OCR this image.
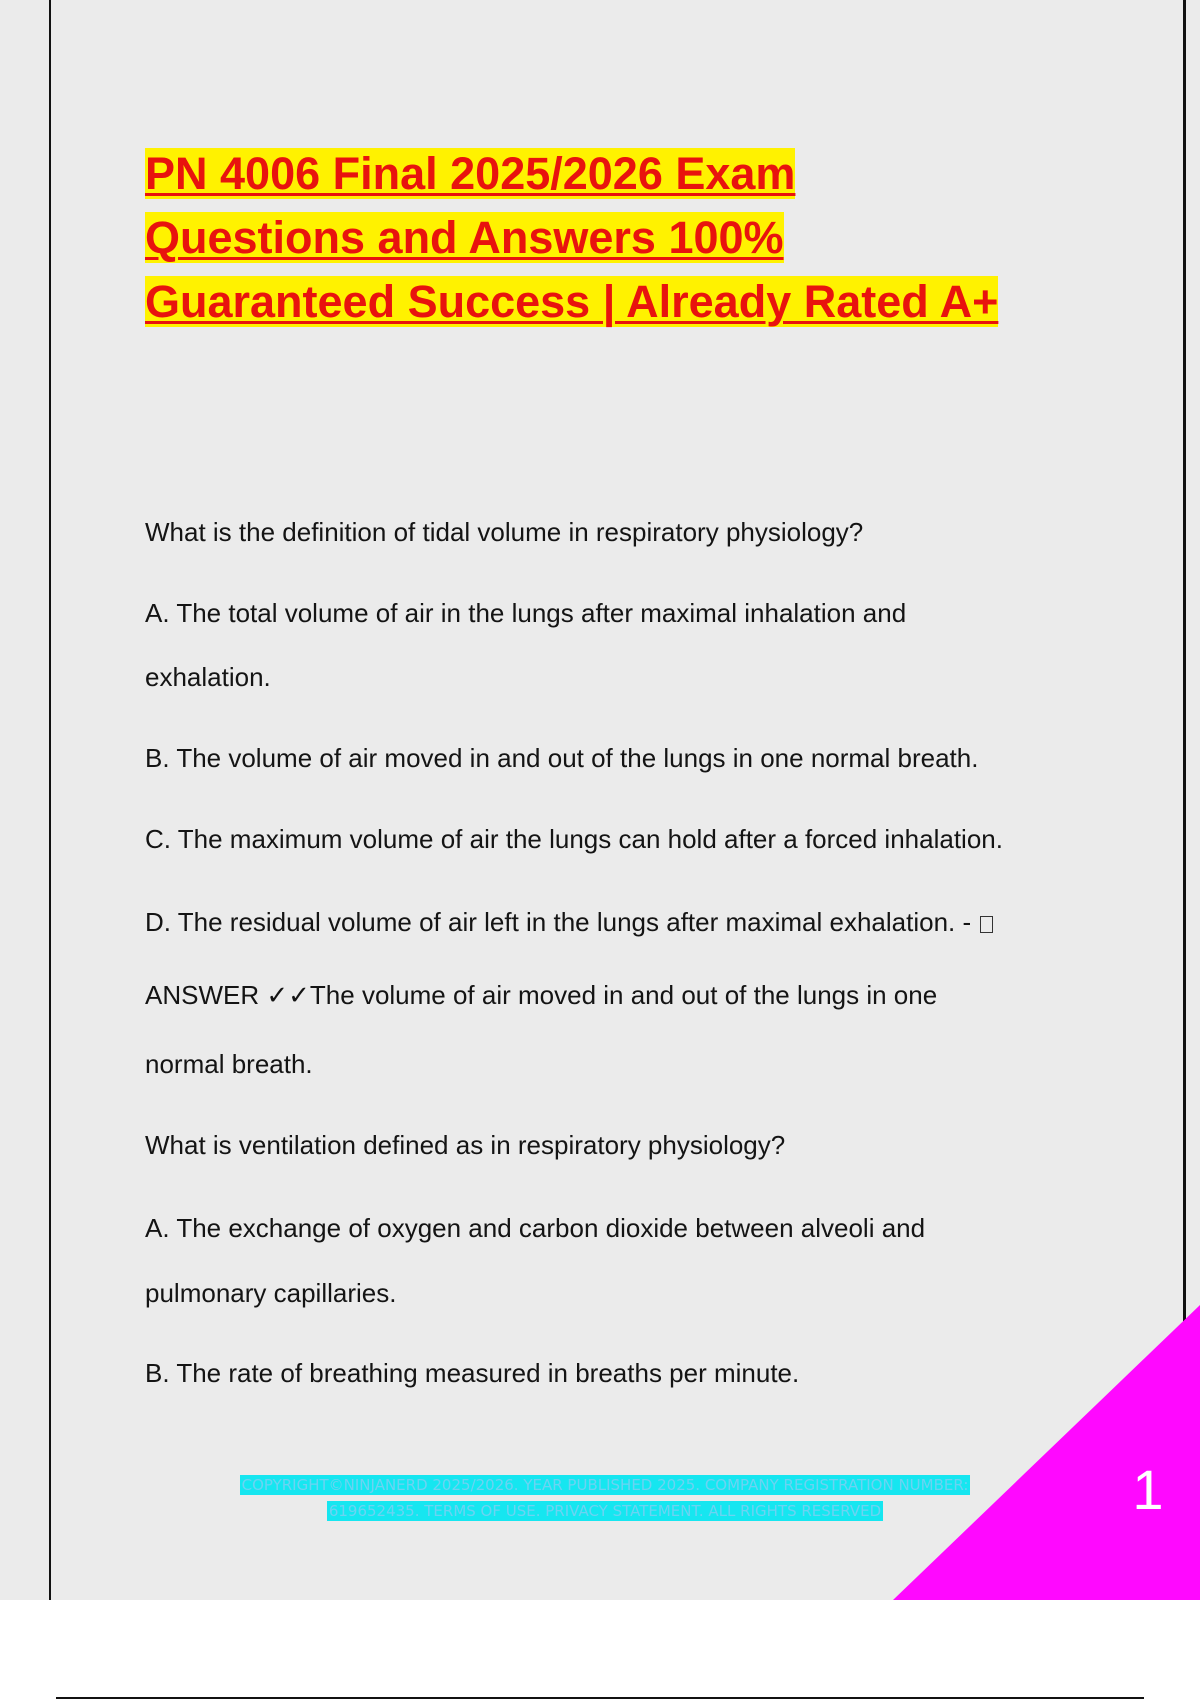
PN 4006 Final 2025/2026 Exam
Questions and Answers 100%
Guaranteed Success | Already Rated A+

What is the definition of tidal volume in respiratory physiology?

A. The total volume of air in the lungs after maximal inhalation and

exhalation.

B. The volume of air moved in and out of the lungs in one normal breath.

C. The maximum volume of air the lungs can hold after a forced inhalation.

D. The residual volume of air left in the lungs after maximal exhalation. -

ANSWER ✓✓The volume of air moved in and out of the lungs in one

normal breath.

What is ventilation defined as in respiratory physiology?

A. The exchange of oxygen and carbon dioxide between alveoli and

pulmonary capillaries.

B. The rate of breathing measured in breaths per minute.

1

COPYRIGHT©NINJANERD 2025/2026. YEAR PUBLISHED 2025. COMPANY REGISTRATION NUMBER:
619652435. TERMS OF USE. PRIVACY STATEMENT. ALL RIGHTS RESERVED
